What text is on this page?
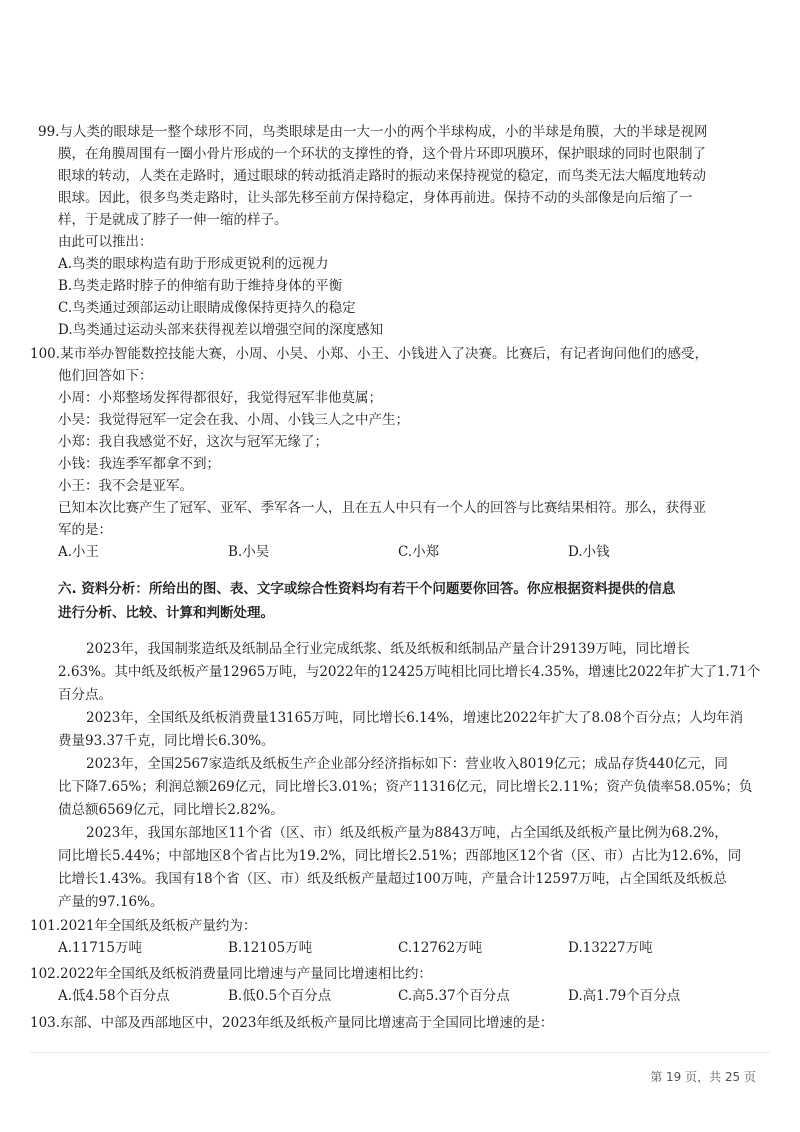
99.与人类的眼球是一整个球形不同，鸟类眼球是由一大一小的两个半球构成，小的半球是角膜，大的半球是视网
膜，在角膜周围有一圈小骨片形成的一个环状的支撑性的脊，这个骨片环即巩膜环，保护眼球的同时也限制了
眼球的转动，人类在走路时，通过眼球的转动抵消走路时的振动来保持视觉的稳定，而鸟类无法大幅度地转动
眼球。因此，很多鸟类走路时，让头部先移至前方保持稳定，身体再前进。保持不动的头部像是向后缩了一
样，于是就成了脖子一伸一缩的样子。
由此可以推出：
A.鸟类的眼球构造有助于形成更锐利的远视力
B.鸟类走路时脖子的伸缩有助于维持身体的平衡
C.鸟类通过颈部运动让眼睛成像保持更持久的稳定
D.鸟类通过运动头部来获得视差以增强空间的深度感知
100.某市举办智能数控技能大赛，小周、小吴、小郑、小王、小钱进入了决赛。比赛后，有记者询问他们的感受，
他们回答如下：
小周：小郑整场发挥得都很好，我觉得冠军非他莫属；
小吴：我觉得冠军一定会在我、小周、小钱三人之中产生；
小郑：我自我感觉不好，这次与冠军无缘了；
小钱：我连季军都拿不到；
小王：我不会是亚军。
已知本次比赛产生了冠军、亚军、季军各一人，且在五人中只有一个人的回答与比赛结果相符。那么，获得亚
军的是：
A.小王	B.小吴	C.小郑	D.小钱
六. 资料分析：所给出的图、表、文字或综合性资料均有若干个问题要你回答。你应根据资料提供的信息
进行分析、比较、计算和判断处理。

2023年，我国制浆造纸及纸制品全行业完成纸浆、纸及纸板和纸制品产量合计29139万吨，同比增长

2.63%。其中纸及纸板产量12965万吨，与2022年的12425万吨相比同比增长4.35%，增速比2022年扩大了1.71个
百分点。

2023年，全国纸及纸板消费量13165万吨，同比增长6.14%，增速比2022年扩大了8.08个百分点；人均年消

费量93.37千克，同比增长6.30%。

2023年，全国2567家造纸及纸板生产企业部分经济指标如下：营业收入8019亿元；成品存货440亿元，同

比下降7.65%；利润总额269亿元，同比增长3.01%；资产11316亿元，同比增长2.11%；资产负债率58.05%；负
债总额6569亿元，同比增长2.82%。

2023年，我国东部地区11个省（区、市）纸及纸板产量为8843万吨，占全国纸及纸板产量比例为68.2%，

同比增长5.44%；中部地区8个省占比为19.2%，同比增长2.51%；西部地区12个省（区、市）占比为12.6%，同
比增长1.43%。我国有18个省（区、市）纸及纸板产量超过100万吨，产量合计12597万吨，占全国纸及纸板总
产量的97.16%。
101.2021年全国纸及纸板产量约为：
A.11715万吨	B.12105万吨	C.12762万吨	D.13227万吨
102.2022年全国纸及纸板消费量同比增速与产量同比增速相比约：
A.低4.58个百分点	B.低0.5个百分点	C.高5.37个百分点	D.高1.79个百分点
103.东部、中部及西部地区中，2023年纸及纸板产量同比增速高于全国同比增速的是：
第 19 页，共 25 页
